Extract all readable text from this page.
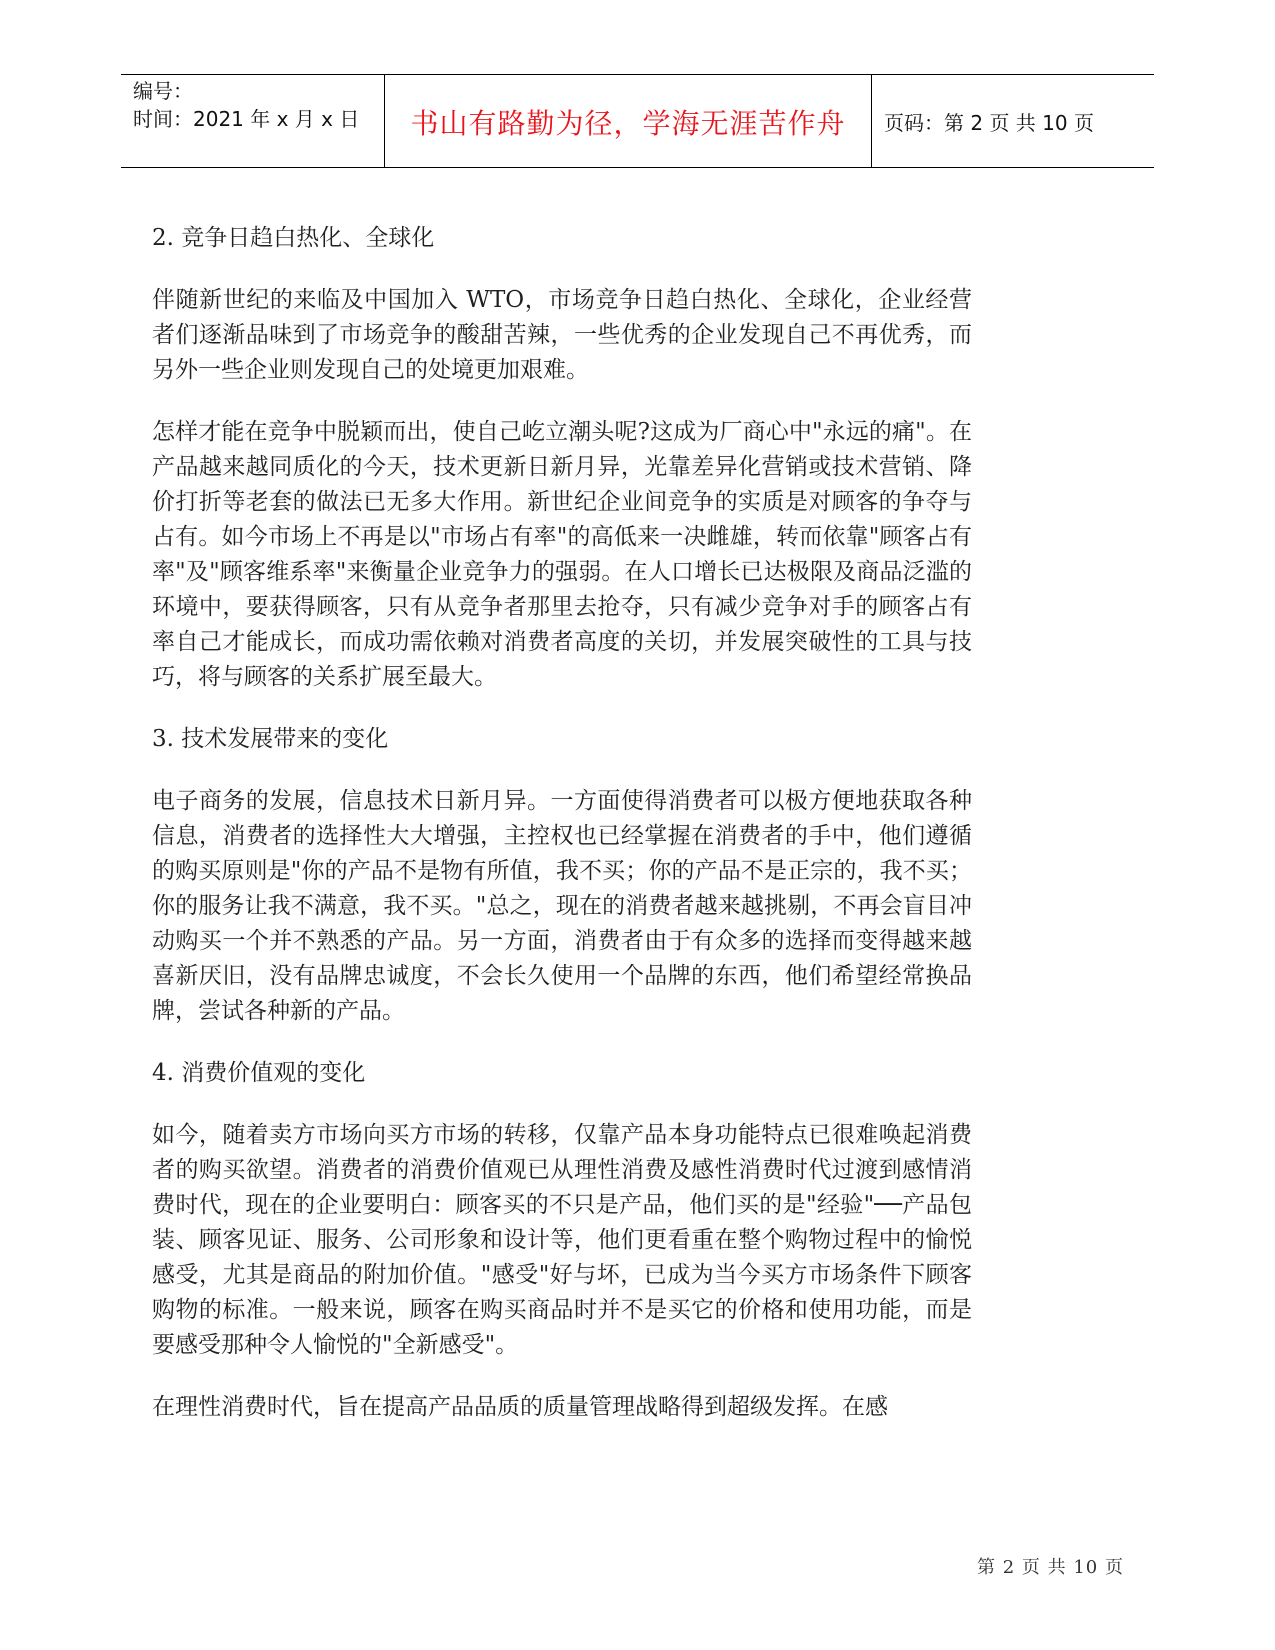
编号：
时间：2021 年 x 月 x 日	书山有路勤为径，学海无涯苦作舟	页码：第 2 页 共 10 页

2. 竞争日趋白热化、全球化

伴随新世纪的来临及中国加入 WTO，市场竞争日趋白热化、全球化，企业经营者们逐渐品味到了市场竞争的酸甜苦辣，一些优秀的企业发现自己不再优秀，而另外一些企业则发现自己的处境更加艰难。

怎样才能在竞争中脱颖而出，使自己屹立潮头呢?这成为厂商心中"永远的痛"。在产品越来越同质化的今天，技术更新日新月异，光靠差异化营销或技术营销、降价打折等老套的做法已无多大作用。新世纪企业间竞争的实质是对顾客的争夺与占有。如今市场上不再是以"市场占有率"的高低来一决雌雄，转而依靠"顾客占有率"及"顾客维系率"来衡量企业竞争力的强弱。在人口增长已达极限及商品泛滥的环境中，要获得顾客，只有从竞争者那里去抢夺，只有减少竞争对手的顾客占有率自己才能成长，而成功需依赖对消费者高度的关切，并发展突破性的工具与技巧，将与顾客的关系扩展至最大。

3. 技术发展带来的变化

电子商务的发展，信息技术日新月异。一方面使得消费者可以极方便地获取各种信息，消费者的选择性大大增强，主控权也已经掌握在消费者的手中，他们遵循的购买原则是"你的产品不是物有所值，我不买；你的产品不是正宗的，我不买；你的服务让我不满意，我不买。"总之，现在的消费者越来越挑剔，不再会盲目冲动购买一个并不熟悉的产品。另一方面，消费者由于有众多的选择而变得越来越喜新厌旧，没有品牌忠诚度，不会长久使用一个品牌的东西，他们希望经常换品牌，尝试各种新的产品。

4. 消费价值观的变化

如今，随着卖方市场向买方市场的转移，仅靠产品本身功能特点已很难唤起消费者的购买欲望。消费者的消费价值观已从理性消费及感性消费时代过渡到感情消费时代，现在的企业要明白：顾客买的不只是产品，他们买的是"经验"──产品包装、顾客见证、服务、公司形象和设计等，他们更看重在整个购物过程中的愉悦感受，尤其是商品的附加价值。"感受"好与坏，已成为当今买方市场条件下顾客购物的标准。一般来说，顾客在购买商品时并不是买它的价格和使用功能，而是要感受那种令人愉悦的"全新感受"。

在理性消费时代，旨在提高产品品质的质量管理战略得到超级发挥。在感

第 2 页 共 10 页
